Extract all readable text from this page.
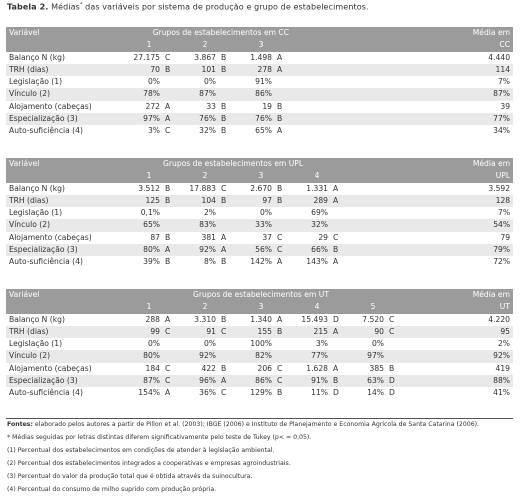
Tabela 2. Médias* das variáveis por sistema de produção e grupo de estabelecimentos.
Variável	Grupos de estabelecimentos em CC						Média em
	1		2		3		CC
Balanço N (kg)	27.175	C	3.867	B	1.498	A	4.440
TRH (dias)	70	B	101	B	278	A	114
Legislação (1)	0%		0%		91%		7%
Vínculo (2)	78%		87%		86%		87%
Alojamento (cabeças)	272	A	33	B	19	B	39
Especialização (3)	97%	A	76%	B	76%	B	77%
Auto-suficiência (4)	3%	C	32%	B	65%	A	34%
Variável	Grupos de estabelecimentos em UPL								Média em
	1		2		3		4		UPL
Balanço N (kg)	3.512	B	17.883	C	2.670	B	1.331	A	3.592
TRH (dias)	125	B	104	B	97	B	289	A	128
Legislação (1)	0,1%		2%		0%		69%		7%
Vínculo (2)	65%		83%		33%		32%		54%
Alojamento (cabeças)	87	B	381	A	37	C	29	C	79
Especialização (3)	80%	A	92%	A	56%	C	66%	B	79%
Auto-suficiência (4)	39%	B	8%	B	142%	A	143%	A	72%
Variável	Grupos de estabelecimentos em UT										Média em
	1		2		3		4		5		UT
Balanço N (kg)	288	A	3.310	B	1.340	A	15.493	D	7.520	C	4.220
TRH (dias)	99	C	91	C	155	B	215	A	90	C	95
Legislação (1)	0%		0%		100%		3%		0%		2%
Vínculo (2)	80%		92%		82%		77%		97%		92%
Alojamento (cabeças)	184	C	422	B	206	C	1.628	A	385	B	419
Especialização (3)	87%	C	96%	A	86%	C	91%	B	63%	D	88%
Auto-suficiência (4)	154%	A	36%	C	129%	B	11%	D	14%	D	41%
Fontes: elaborado pelos autores a partir de Pillon et al. (2003); IBGE (2006) e Instituto de Planejamento e Economia Agrícola de Santa Catarina (2006).
* Médias seguidas por letras distintas diferem significativamente pelo teste de Tukey (p< = 0,05).
(1) Percentual dos estabelecimentos em condições de atender à legislação ambiental.
(2) Percentual dos estabelecimentos integrados a cooperativas e empresas agroindustriais.
(3) Percentual do valor da produção total que é obtida através da suinocultura.
(4) Percentual do consumo de milho suprido com produção própria.
